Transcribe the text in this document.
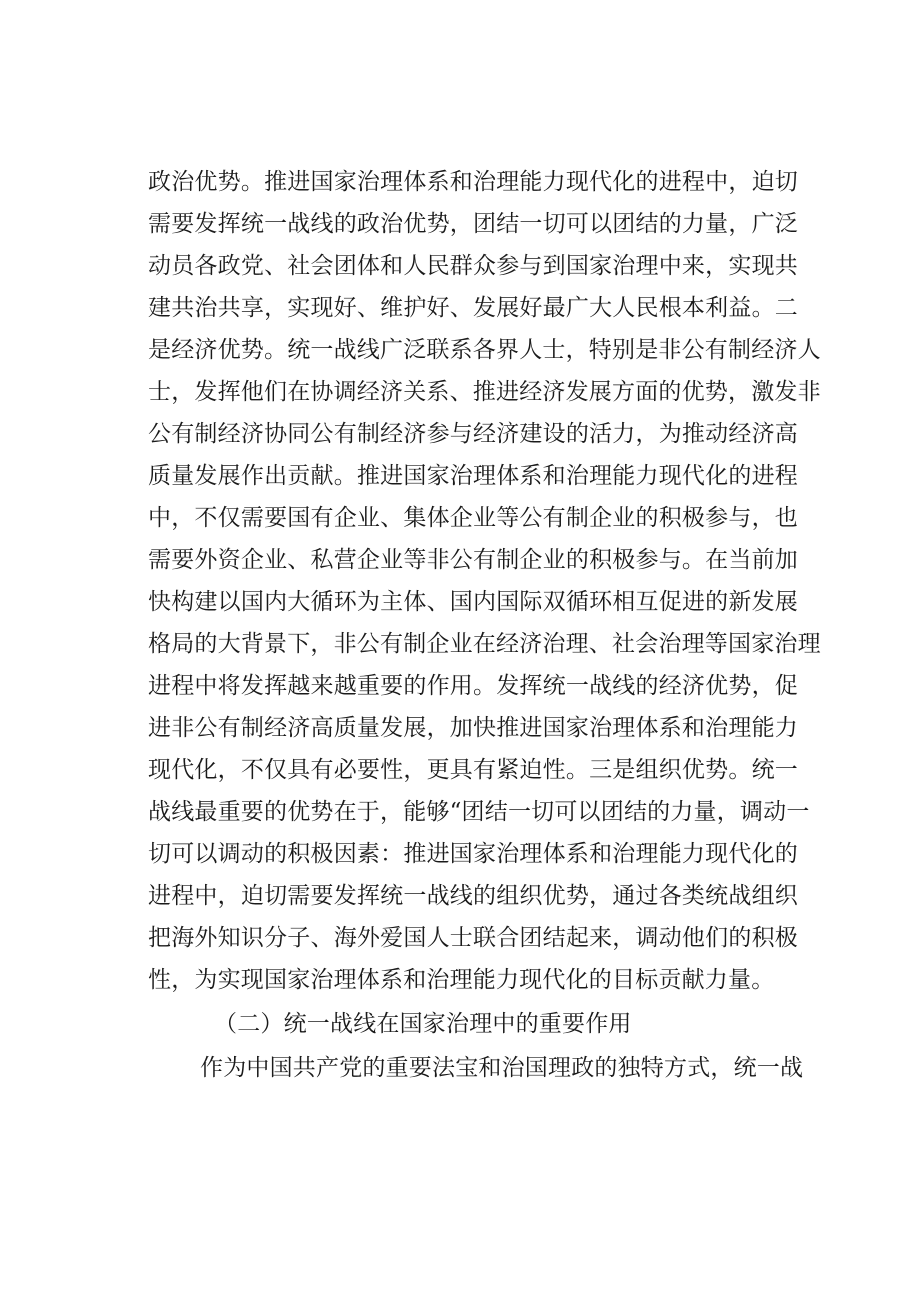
政治优势。推进国家治理体系和治理能力现代化的进程中，迫切
需要发挥统一战线的政治优势，团结一切可以团结的力量，广泛
动员各政党、社会团体和人民群众参与到国家治理中来，实现共
建共治共享，实现好、维护好、发展好最广大人民根本利益。二
是经济优势。统一战线广泛联系各界人士，特别是非公有制经济人
士，发挥他们在协调经济关系、推进经济发展方面的优势，激发非
公有制经济协同公有制经济参与经济建设的活力，为推动经济高
质量发展作出贡献。推进国家治理体系和治理能力现代化的进程
中，不仅需要国有企业、集体企业等公有制企业的积极参与，也
需要外资企业、私营企业等非公有制企业的积极参与。在当前加
快构建以国内大循环为主体、国内国际双循环相互促进的新发展
格局的大背景下，非公有制企业在经济治理、社会治理等国家治理
进程中将发挥越来越重要的作用。发挥统一战线的经济优势，促
进非公有制经济高质量发展，加快推进国家治理体系和治理能力
现代化，不仅具有必要性，更具有紧迫性。三是组织优势。统一
战线最重要的优势在于，能够“团结一切可以团结的力量，调动一
切可以调动的积极因素：推进国家治理体系和治理能力现代化的
进程中，迫切需要发挥统一战线的组织优势，通过各类统战组织
把海外知识分子、海外爱国人士联合团结起来，调动他们的积极
性，为实现国家治理体系和治理能力现代化的目标贡献力量。
（二）统一战线在国家治理中的重要作用
作为中国共产党的重要法宝和治国理政的独特方式，统一战
